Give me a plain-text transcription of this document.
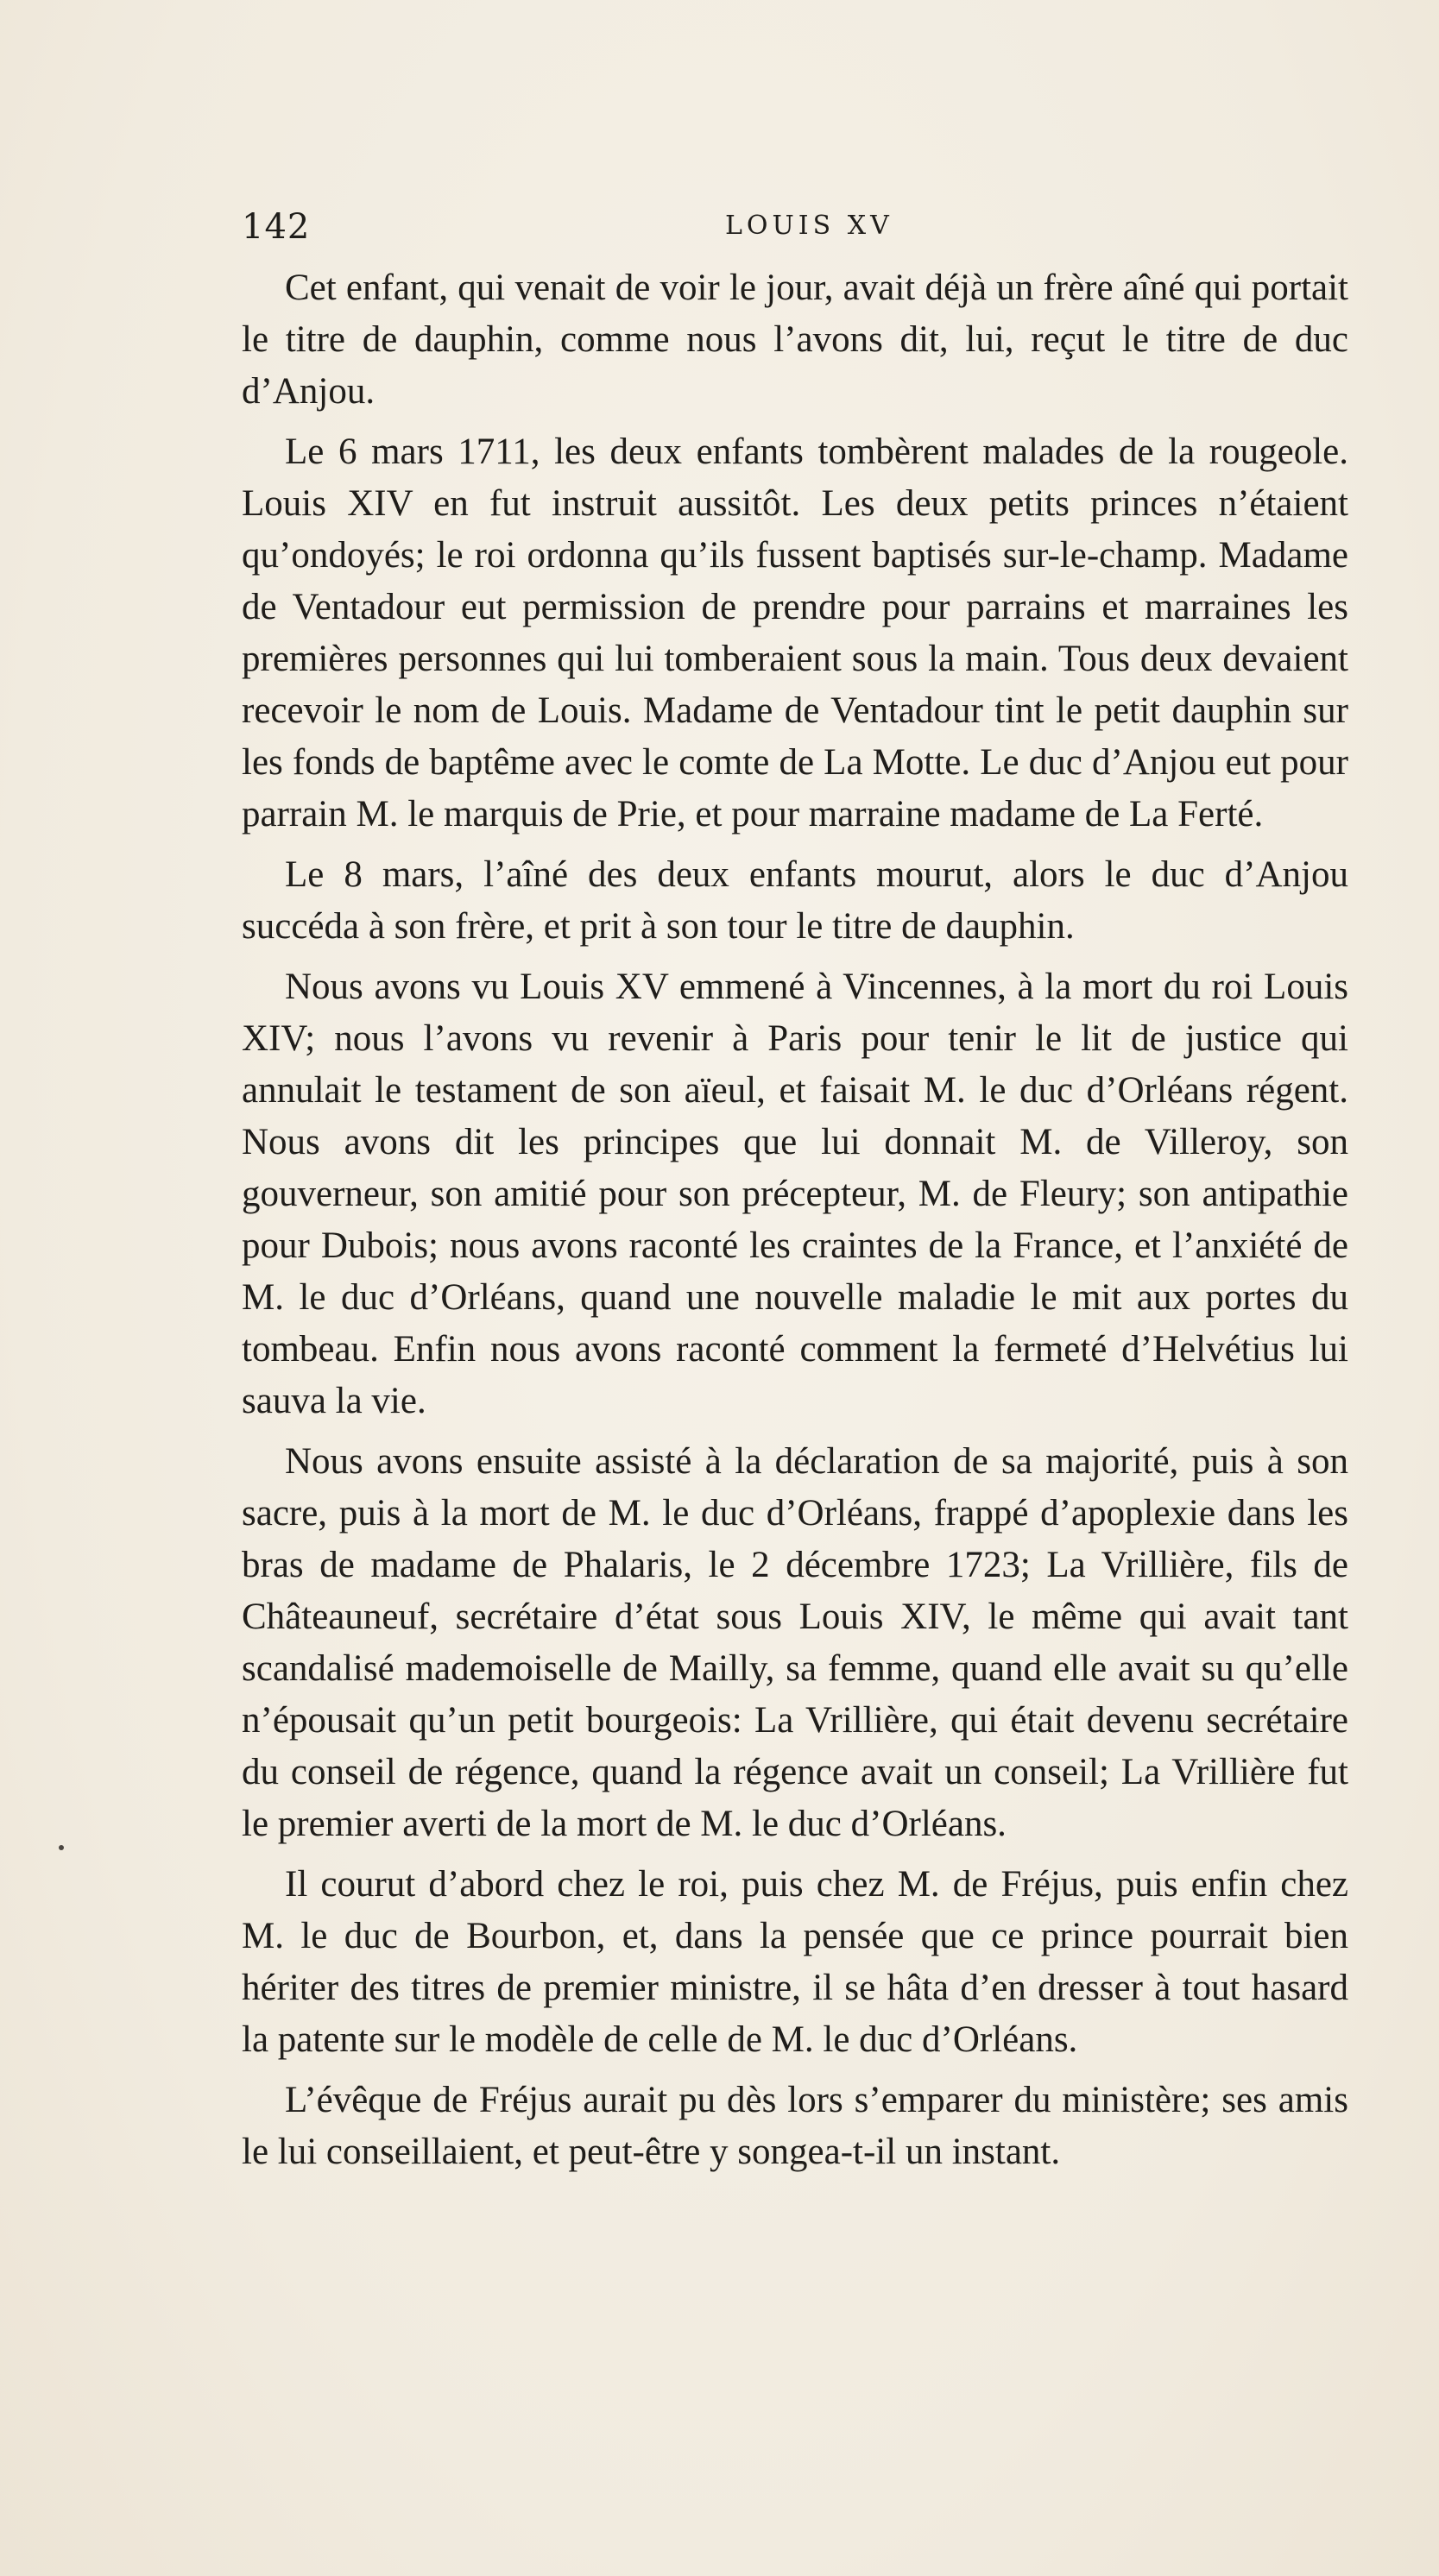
142	LOUIS XV

Cet enfant, qui venait de voir le jour, avait déjà un frère aîné qui portait le titre de dauphin, comme nous l’avons dit, lui, reçut le titre de duc d’Anjou.

Le 6 mars 1711, les deux enfants tombèrent malades de la rougeole. Louis XIV en fut instruit aussitôt. Les deux petits princes n’étaient qu’ondoyés; le roi ordonna qu’ils fussent baptisés sur-le-champ. Madame de Ventadour eut permission de prendre pour parrains et marraines les premières personnes qui lui tomberaient sous la main. Tous deux devaient recevoir le nom de Louis. Madame de Ventadour tint le petit dauphin sur les fonds de baptême avec le comte de La Motte. Le duc d’Anjou eut pour parrain M. le marquis de Prie, et pour marraine madame de La Ferté.

Le 8 mars, l’aîné des deux enfants mourut, alors le duc d’Anjou succéda à son frère, et prit à son tour le titre de dauphin.

Nous avons vu Louis XV emmené à Vincennes, à la mort du roi Louis XIV; nous l’avons vu revenir à Paris pour tenir le lit de justice qui annulait le testament de son aïeul, et faisait M. le duc d’Orléans régent. Nous avons dit les principes que lui donnait M. de Villeroy, son gouverneur, son amitié pour son précepteur, M. de Fleury; son antipathie pour Dubois; nous avons raconté les craintes de la France, et l’anxiété de M. le duc d’Orléans, quand une nouvelle maladie le mit aux portes du tombeau. Enfin nous avons raconté comment la fermeté d’Helvétius lui sauva la vie.

Nous avons ensuite assisté à la déclaration de sa majorité, puis à son sacre, puis à la mort de M. le duc d’Orléans, frappé d’apoplexie dans les bras de madame de Phalaris, le 2 décembre 1723; La Vrillière, fils de Châteauneuf, secrétaire d’état sous Louis XIV, le même qui avait tant scandalisé mademoiselle de Mailly, sa femme, quand elle avait su qu’elle n’épousait qu’un petit bourgeois: La Vrillière, qui était devenu secrétaire du conseil de régence, quand la régence avait un conseil; La Vrillière fut le premier averti de la mort de M. le duc d’Orléans.

Il courut d’abord chez le roi, puis chez M. de Fréjus, puis enfin chez M. le duc de Bourbon, et, dans la pensée que ce prince pourrait bien hériter des titres de premier ministre, il se hâta d’en dresser à tout hasard la patente sur le modèle de celle de M. le duc d’Orléans.

L’évêque de Fréjus aurait pu dès lors s’emparer du ministère; ses amis le lui conseillaient, et peut-être y songea-t-il un instant.
